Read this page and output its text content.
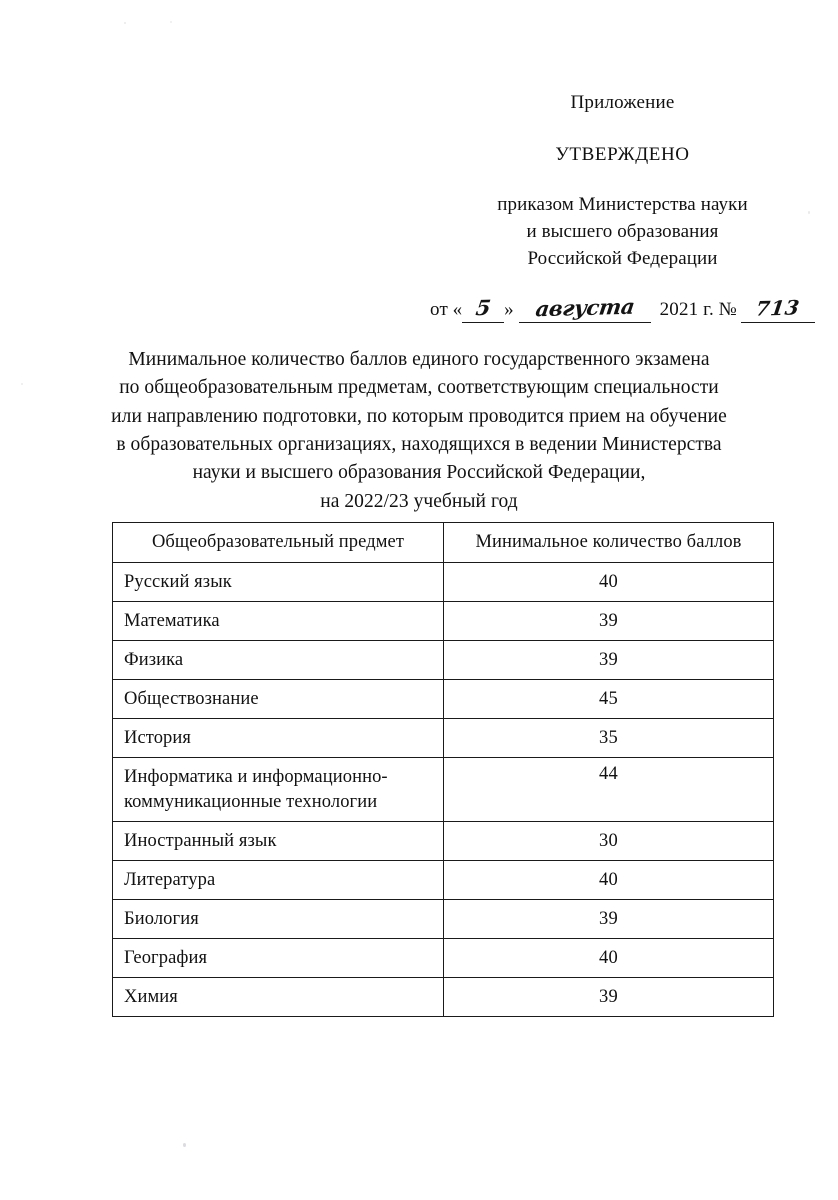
Приложение
УТВЕРЖДЕНО
приказом Министерства науки
и высшего образования
Российской Федерации
от « 5 » августа	2021 г. № 713
Минимальное количество баллов единого государственного экзамена
по общеобразовательным предметам, соответствующим специальности
или направлению подготовки, по которым проводится прием на обучение
в образовательных организациях, находящихся в ведении Министерства
науки и высшего образования Российской Федерации,
на 2022/23 учебный год
Общеобразовательный предмет	Минимальное количество баллов
Русский язык	40
Математика	39
Физика	39
Обществознание	45
История	35

Информатика и информационно-
коммуникационные технологии	44
Иностранный язык	30
Литература	40
Биология	39
География	40
Химия	39
